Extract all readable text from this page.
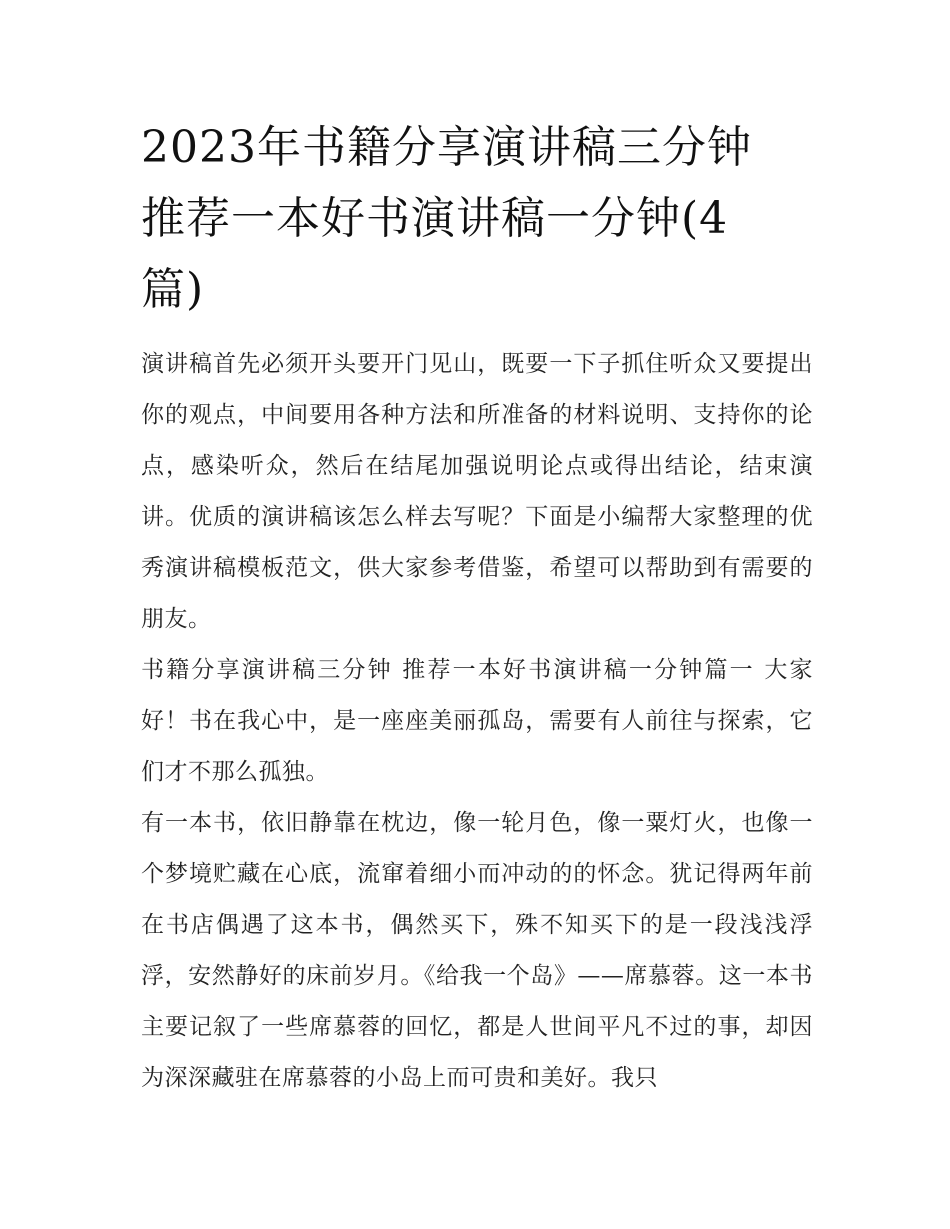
2023年书籍分享演讲稿三分钟
推荐一本好书演讲稿一分钟(4
篇)

演讲稿首先必须开头要开门见山，既要一下子抓住听众又要提出你的观点，中间要用各种方法和所准备的材料说明、支持你的论点，感染听众，然后在结尾加强说明论点或得出结论，结束演讲。优质的演讲稿该怎么样去写呢？下面是小编帮大家整理的优秀演讲稿模板范文，供大家参考借鉴，希望可以帮助到有需要的朋友。

书籍分享演讲稿三分钟 推荐一本好书演讲稿一分钟篇一 大家好！书在我心中，是一座座美丽孤岛，需要有人前往与探索，它们才不那么孤独。

有一本书，依旧静靠在枕边，像一轮月色，像一粟灯火，也像一个梦境贮藏在心底，流窜着细小而冲动的的怀念。犹记得两年前在书店偶遇了这本书，偶然买下，殊不知买下的是一段浅浅浮浮，安然静好的床前岁月。《给我一个岛》——席慕蓉。这一本书主要记叙了一些席慕蓉的回忆，都是人世间平凡不过的事，却因为深深藏驻在席慕蓉的小岛上而可贵和美好。我只
